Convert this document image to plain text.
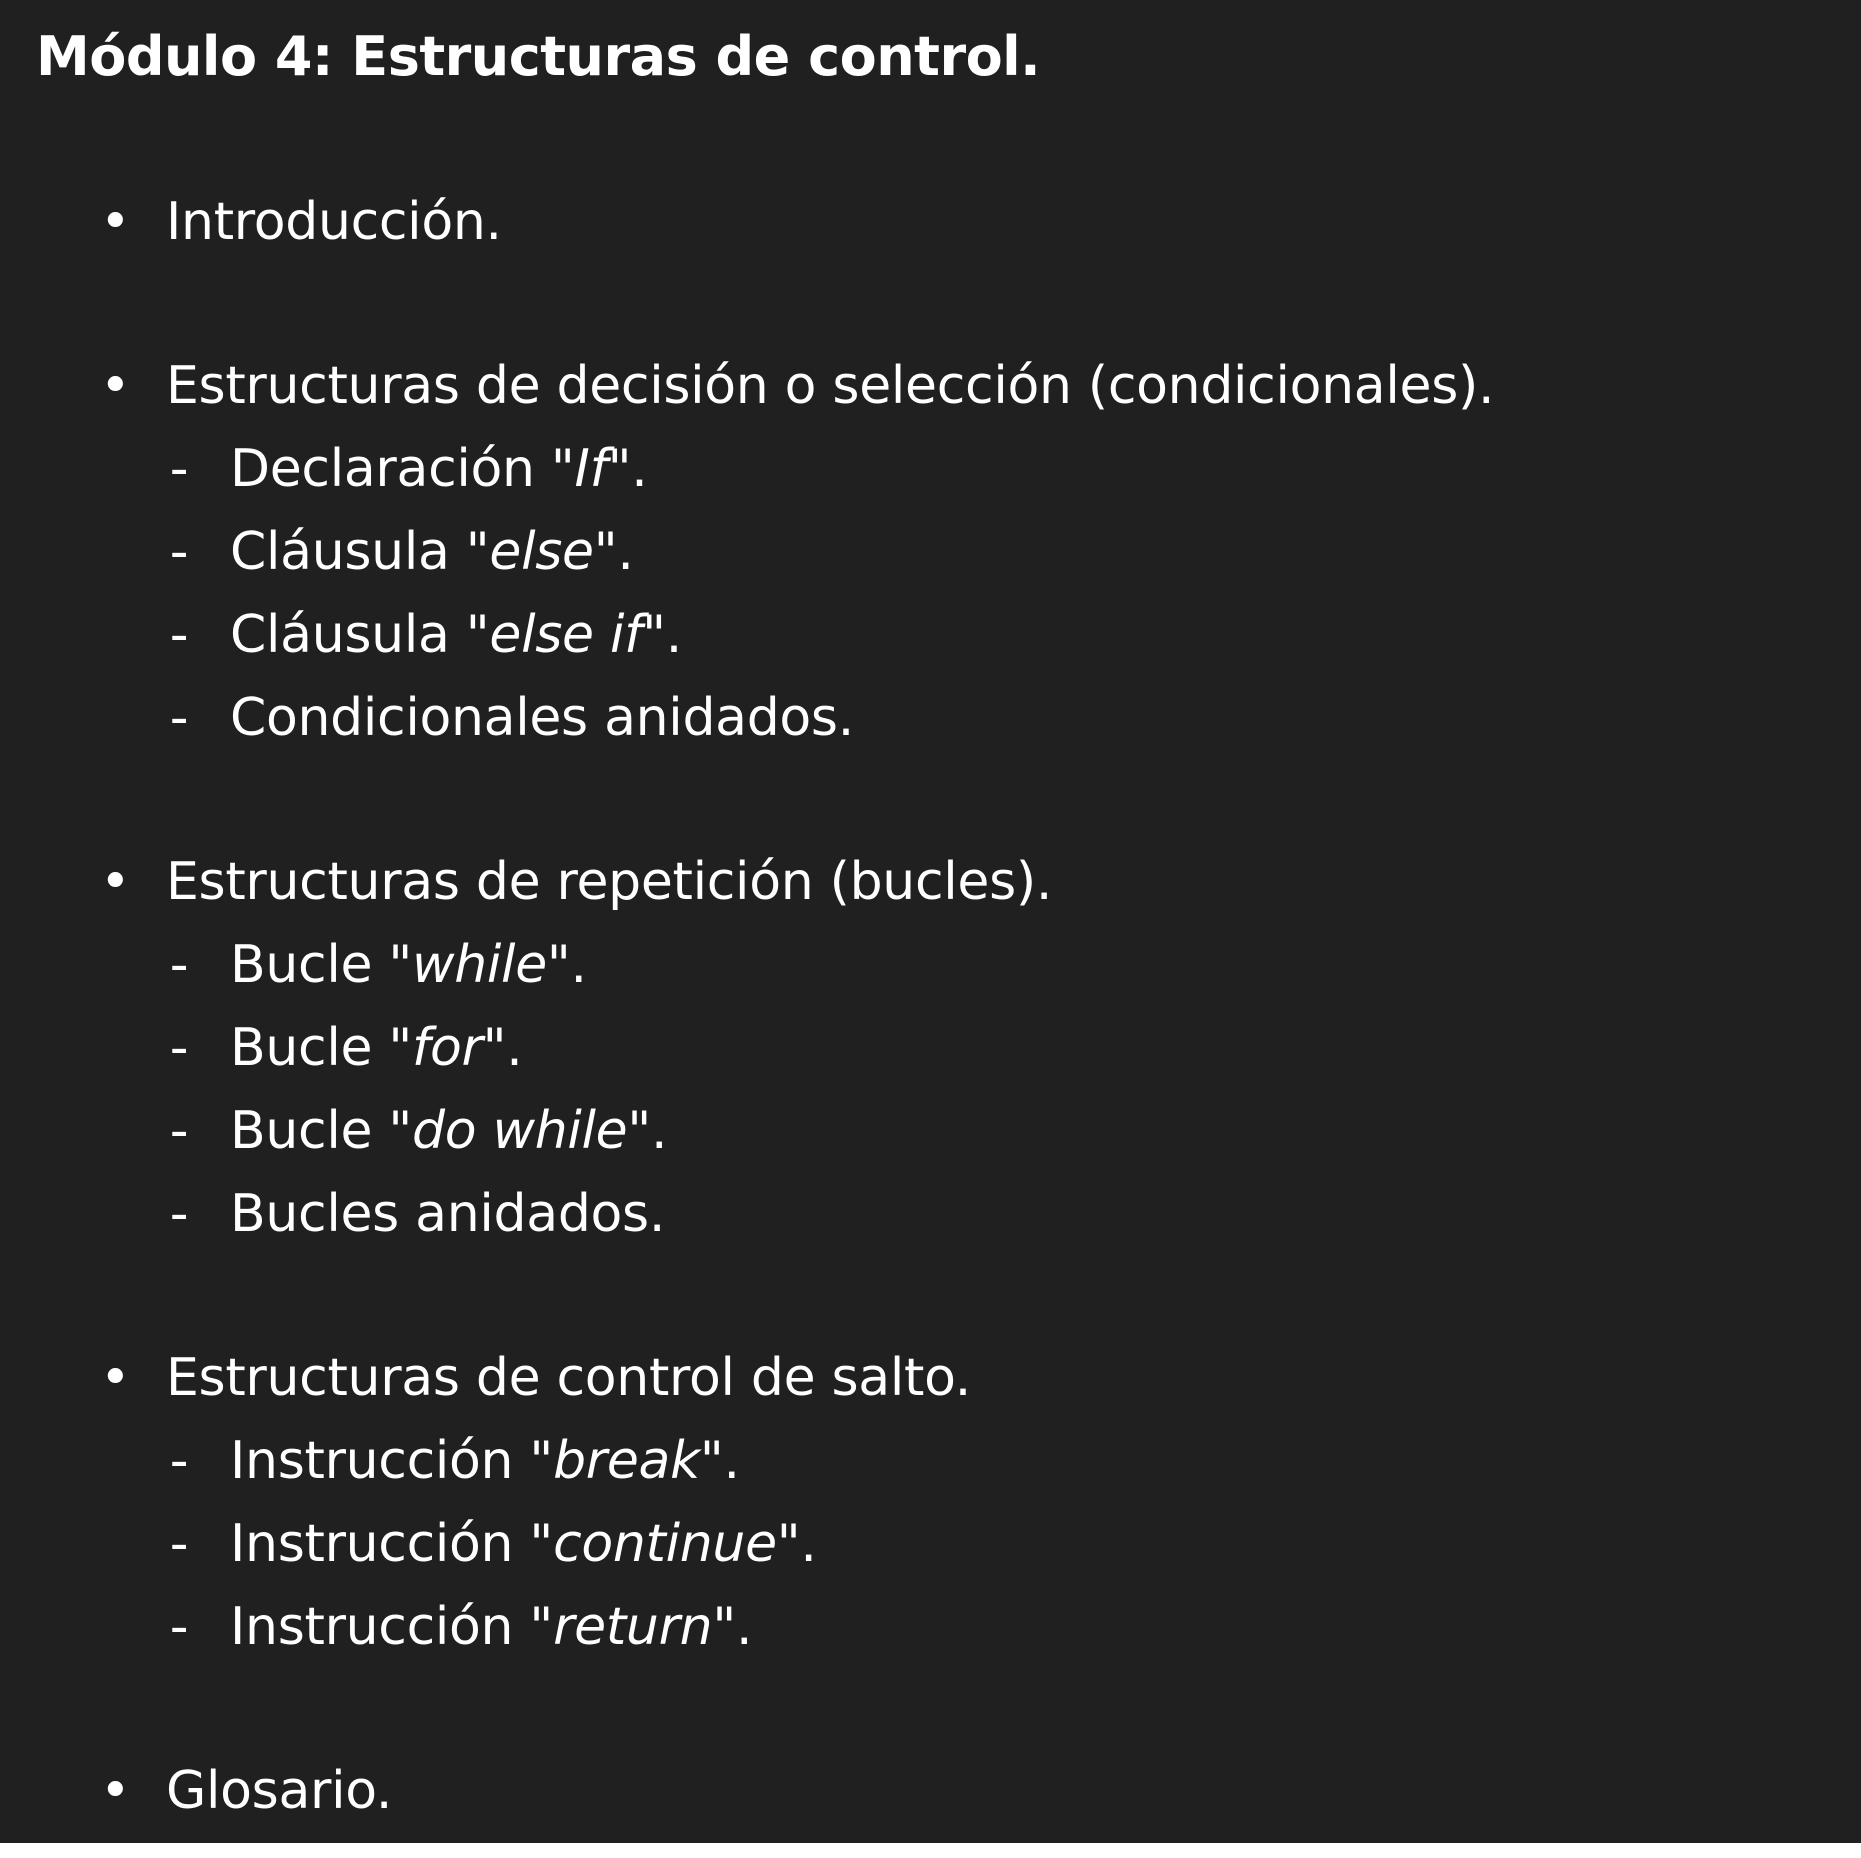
Módulo 4: Estructuras de control.
• Introducción.
• Estructuras de decisión o selección (condicionales).
- Declaración "If".
- Cláusula "else".
- Cláusula "else if".
- Condicionales anidados.
• Estructuras de repetición (bucles).
- Bucle "while".
- Bucle "for".
- Bucle "do while".
- Bucles anidados.
• Estructuras de control de salto.
- Instrucción "break".
- Instrucción "continue".
- Instrucción "return".
• Glosario.
